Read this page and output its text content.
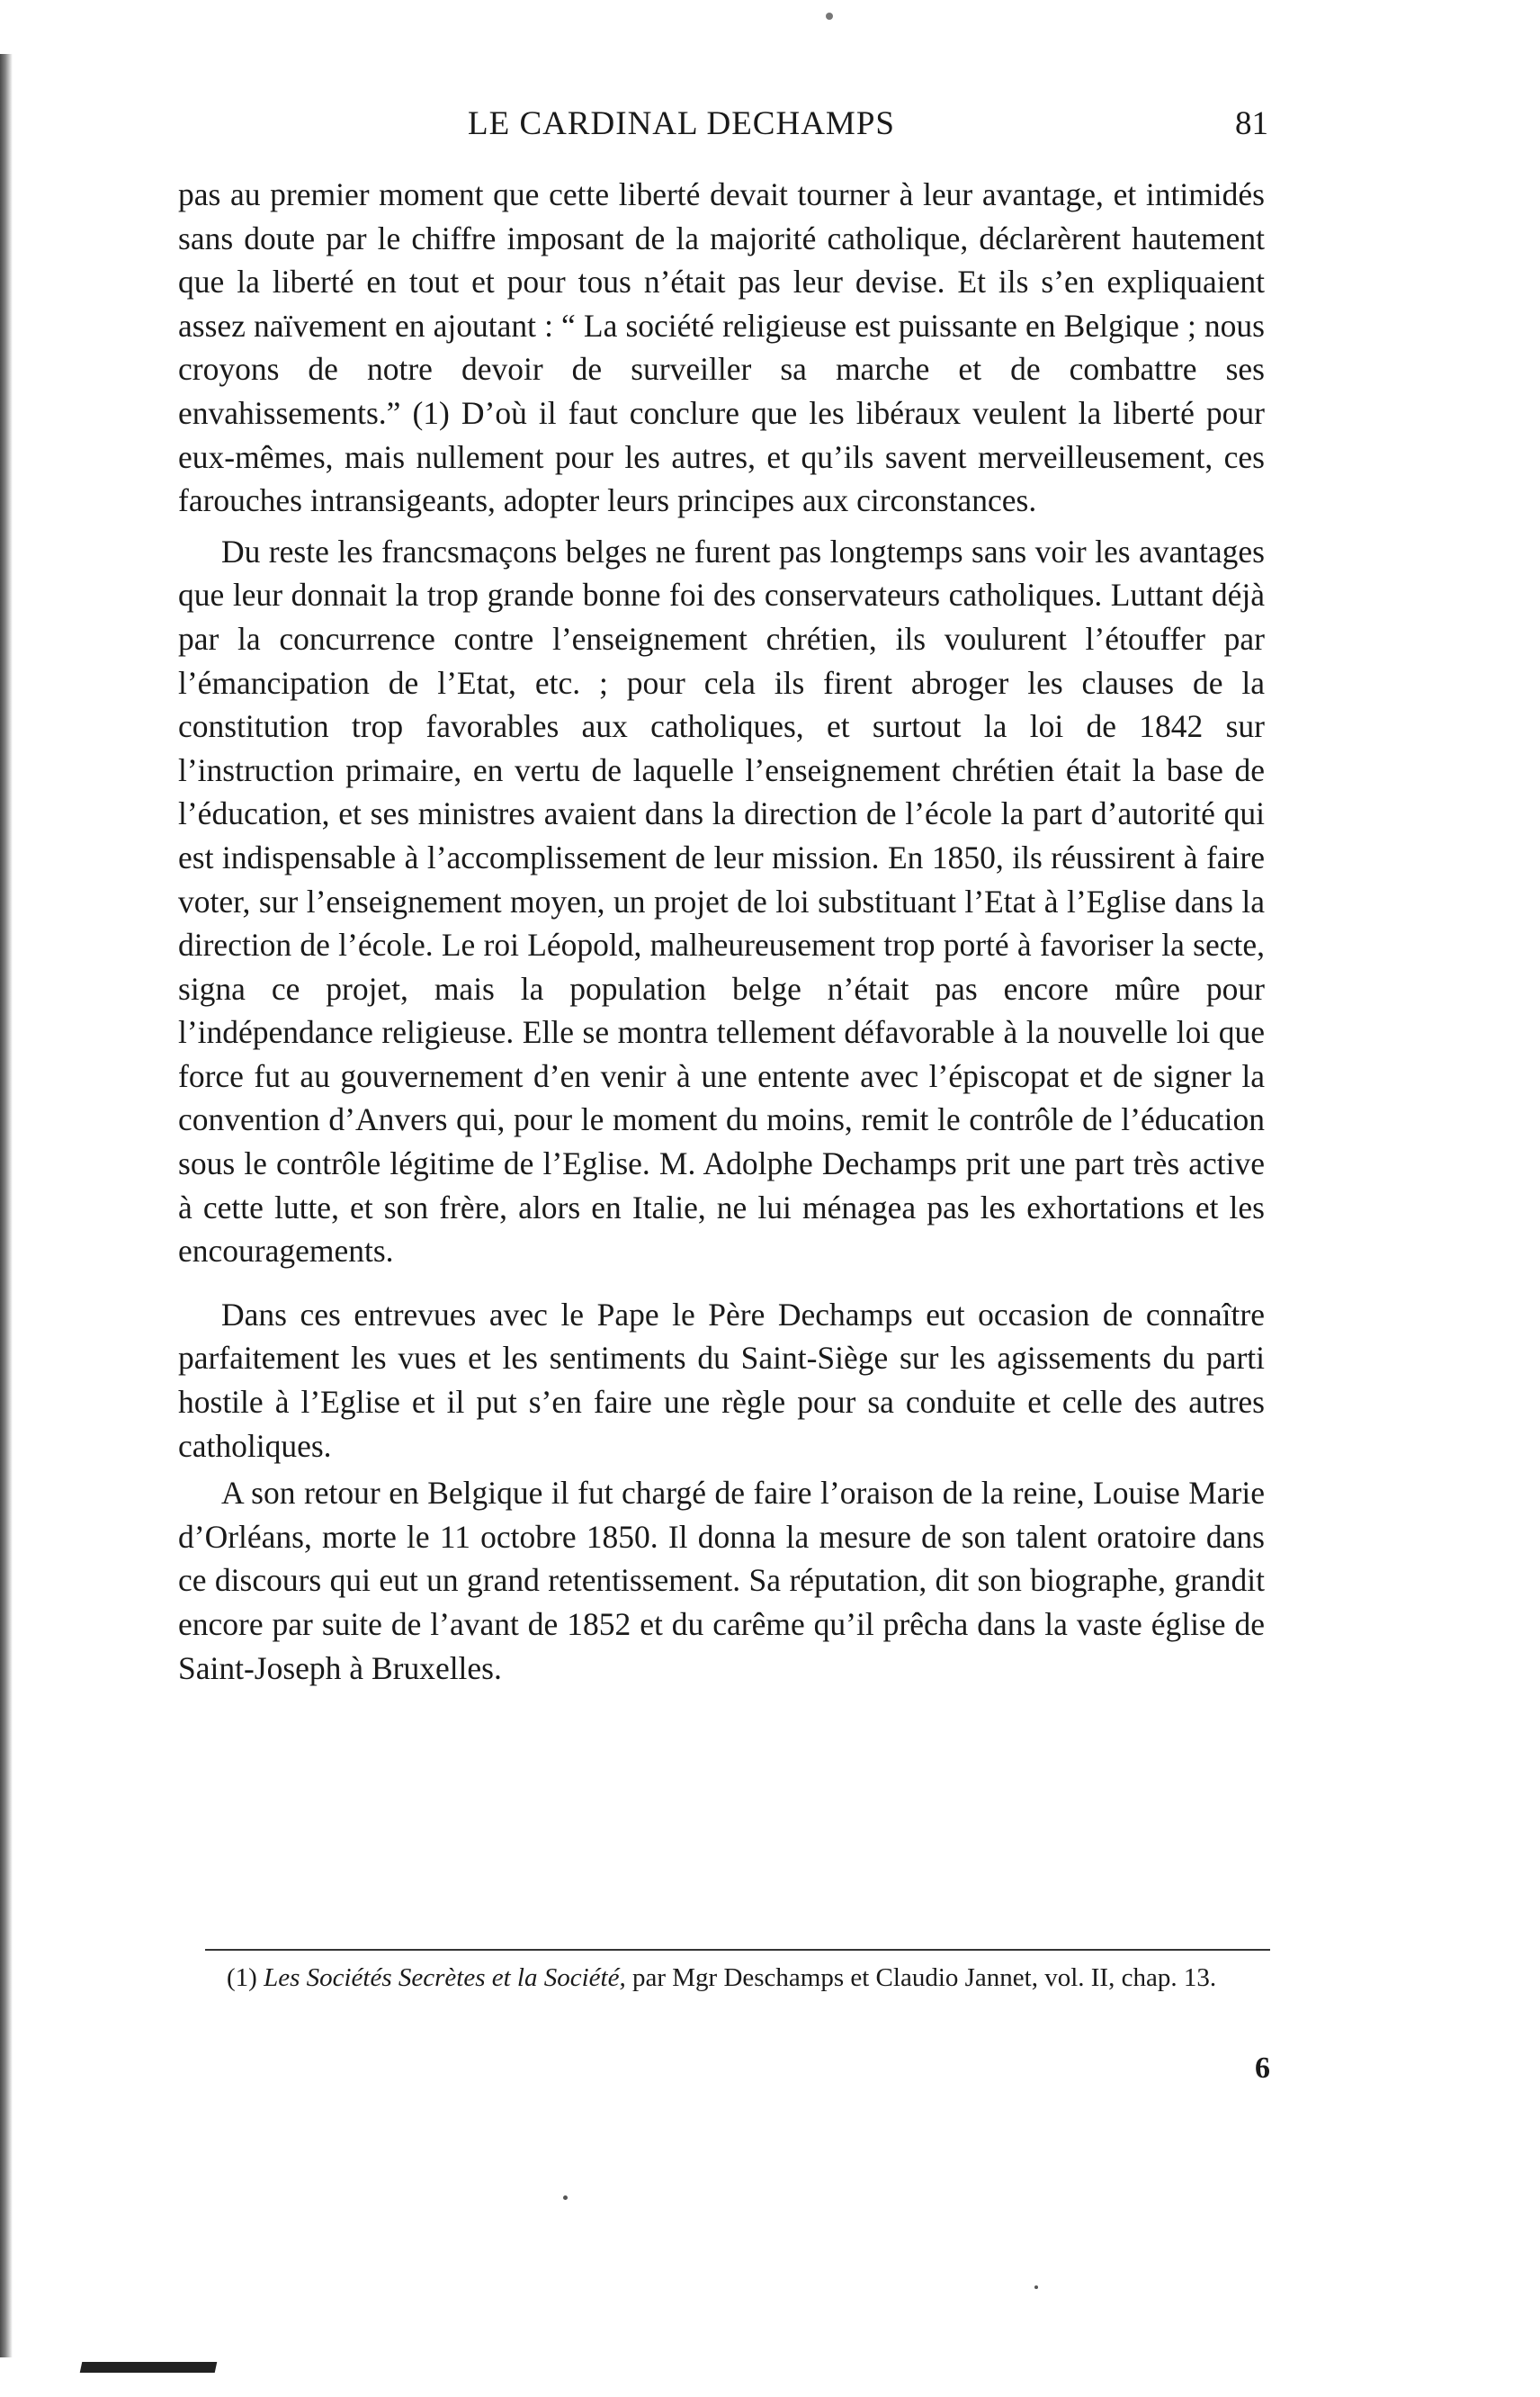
LE CARDINAL DECHAMPS	81

pas au premier moment que cette liberté devait tourner à leur avantage, et intimidés sans doute par le chiffre imposant de la majorité catholique, déclarèrent hautement que la liberté en tout et pour tous n’était pas leur devise. Et ils s’en expliquaient assez naïvement en ajoutant : “ La société religieuse est puissante en Belgique ; nous croyons de notre devoir de surveiller sa marche et de combattre ses envahissements.” (1) D’où il faut conclure que les libéraux veulent la liberté pour eux-mêmes, mais nullement pour les autres, et qu’ils savent merveilleusement, ces farouches intransigeants, adopter leurs principes aux circonstances.

Du reste les francsmaçons belges ne furent pas longtemps sans voir les avantages que leur donnait la trop grande bonne foi des conservateurs catholiques. Luttant déjà par la concurrence contre l’enseignement chrétien, ils voulurent l’étouffer par l’émancipation de l’Etat, etc. ; pour cela ils firent abroger les clauses de la constitution trop favorables aux catholiques, et surtout la loi de 1842 sur l’instruction primaire, en vertu de laquelle l’enseignement chrétien était la base de l’éducation, et ses ministres avaient dans la direction de l’école la part d’autorité qui est indispensable à l’accomplissement de leur mission. En 1850, ils réussirent à faire voter, sur l’enseignement moyen, un projet de loi substituant l’Etat à l’Eglise dans la direction de l’école. Le roi Léopold, malheureusement trop porté à favoriser la secte, signa ce projet, mais la population belge n’était pas encore mûre pour l’indépendance religieuse. Elle se montra tellement défavorable à la nouvelle loi que force fut au gouvernement d’en venir à une entente avec l’épiscopat et de signer la convention d’Anvers qui, pour le moment du moins, remit le contrôle de l’éducation sous le contrôle légitime de l’Eglise. M. Adolphe Dechamps prit une part très active à cette lutte, et son frère, alors en Italie, ne lui ménagea pas les exhortations et les encouragements.

Dans ces entrevues avec le Pape le Père Dechamps eut occasion de connaître parfaitement les vues et les sentiments du Saint-Siège sur les agissements du parti hostile à l’Eglise et il put s’en faire une règle pour sa conduite et celle des autres catholiques.

A son retour en Belgique il fut chargé de faire l’oraison de la reine, Louise Marie d’Orléans, morte le 11 octobre 1850. Il donna la mesure de son talent oratoire dans ce discours qui eut un grand retentissement. Sa réputation, dit son biographe, grandit encore par suite de l’avant de 1852 et du carême qu’il prêcha dans la vaste église de Saint-Joseph à Bruxelles.

(1) Les Sociétés Secrètes et la Société, par Mgr Deschamps et Claudio Jannet, vol. II, chap. 13.
6
